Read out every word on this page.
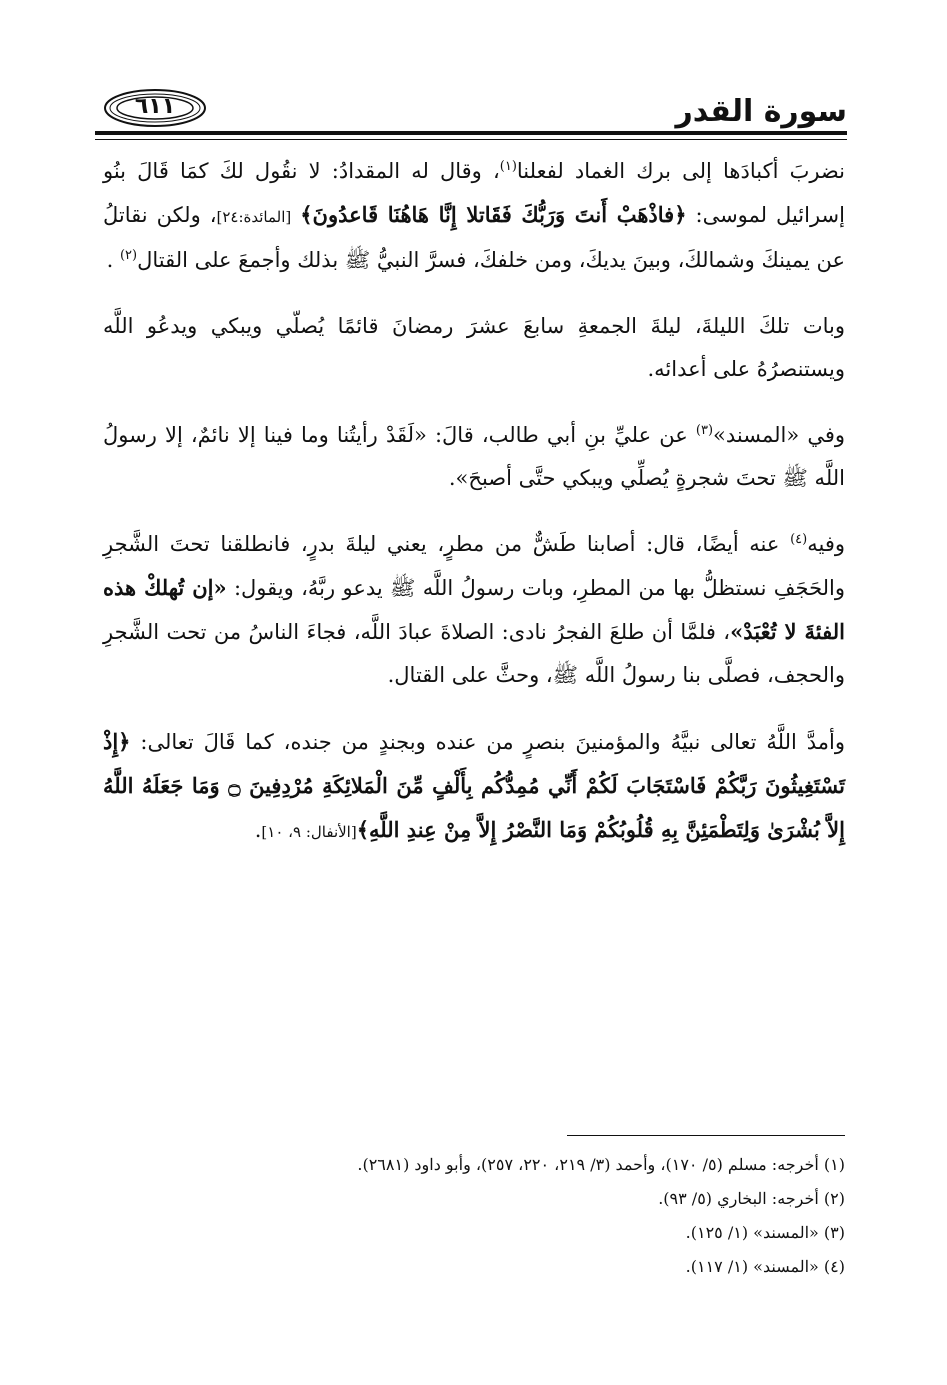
سورة القدر
٦١١

نضربَ أكبادَها إلى برك الغماد لفعلنا$^{(١)}$، وقال له المقدادُ: لا نقُول لكَ كمَا قَالَ بنُو إسرائيل لموسى: ﴿فاذْهَبْ أَنتَ وَرَبُّكَ فَقَاتلا إِنَّا هَاهُنَا قَاعدُونَ﴾ [المائدة:٢٤]، ولكن نقاتلُ عن يمينكَ وشمالكَ، وبينَ يديكَ، ومن خلفكَ، فسرَّ النبيُّ ﷺ بذلك وأجمعَ على القتال$^{(٢)}$ .

وبات تلكَ الليلةَ، ليلةَ الجمعةِ سابعَ عشرَ رمضانَ قائمًا يُصلّي ويبكي ويدعُو اللَّه ويستنصرُهُ على أعدائه.

وفي «المسند»$^{(٣)}$ عن عليِّ بنِ أبي طالب، قالَ: «لَقَدْ رأيتُنا وما فينا إلا نائمٌ، إلا رسولُ اللَّه ﷺ تحتَ شجرةٍ يُصلِّي ويبكي حتَّى أصبحَ».

وفيه$^{(٤)}$ عنه أيضًا، قال: أصابنا طَشٌّ من مطرٍ، يعني ليلةَ بدرٍ، فانطلقنا تحتَ الشَّجرِ والحَجَفِ نستظلُّ بها من المطرِ، وبات رسولُ اللَّه ﷺ يدعو ربَّهُ، ويقول: «إن تُهلكْ هذه الفئةَ لا تُعْبَدْ»، فلمَّا أن طلعَ الفجرُ نادى: الصلاةَ عبادَ اللَّه، فجاءَ الناسُ من تحت الشَّجرِ والحجف، فصلَّى بنا رسولُ اللَّه ﷺ، وحثَّ على القتال.

وأمدَّ اللَّهُ تعالى نبيَّهُ والمؤمنينَ بنصرٍ من عنده وبجندٍ من جنده، كما قَالَ تعالى: ﴿إِذْ تَسْتَغِيثُونَ رَبَّكُمْ فَاسْتَجَابَ لَكُمْ أَنِّي مُمِدُّكُم بِأَلْفٍ مِّنَ الْمَلائِكَةِ مُرْدِفِينَ ۝ وَمَا جَعَلَهُ اللَّهُ إِلاَّ بُشْرَىٰ وَلِتَطْمَئِنَّ بِهِ قُلُوبُكُمْ وَمَا النَّصْرُ إِلاَّ مِنْ عِندِ اللَّهِ﴾[الأنفال: ٩، ١٠].

(١) أخرجه: مسلم (٥/ ١٧٠)، وأحمد (٣/ ٢١٩، ٢٢٠، ٢٥٧)، وأبو داود (٢٦٨١).
(٢) أخرجه: البخاري (٥/ ٩٣).
(٣) «المسند» (١/ ١٢٥).
(٤) «المسند» (١/ ١١٧).
